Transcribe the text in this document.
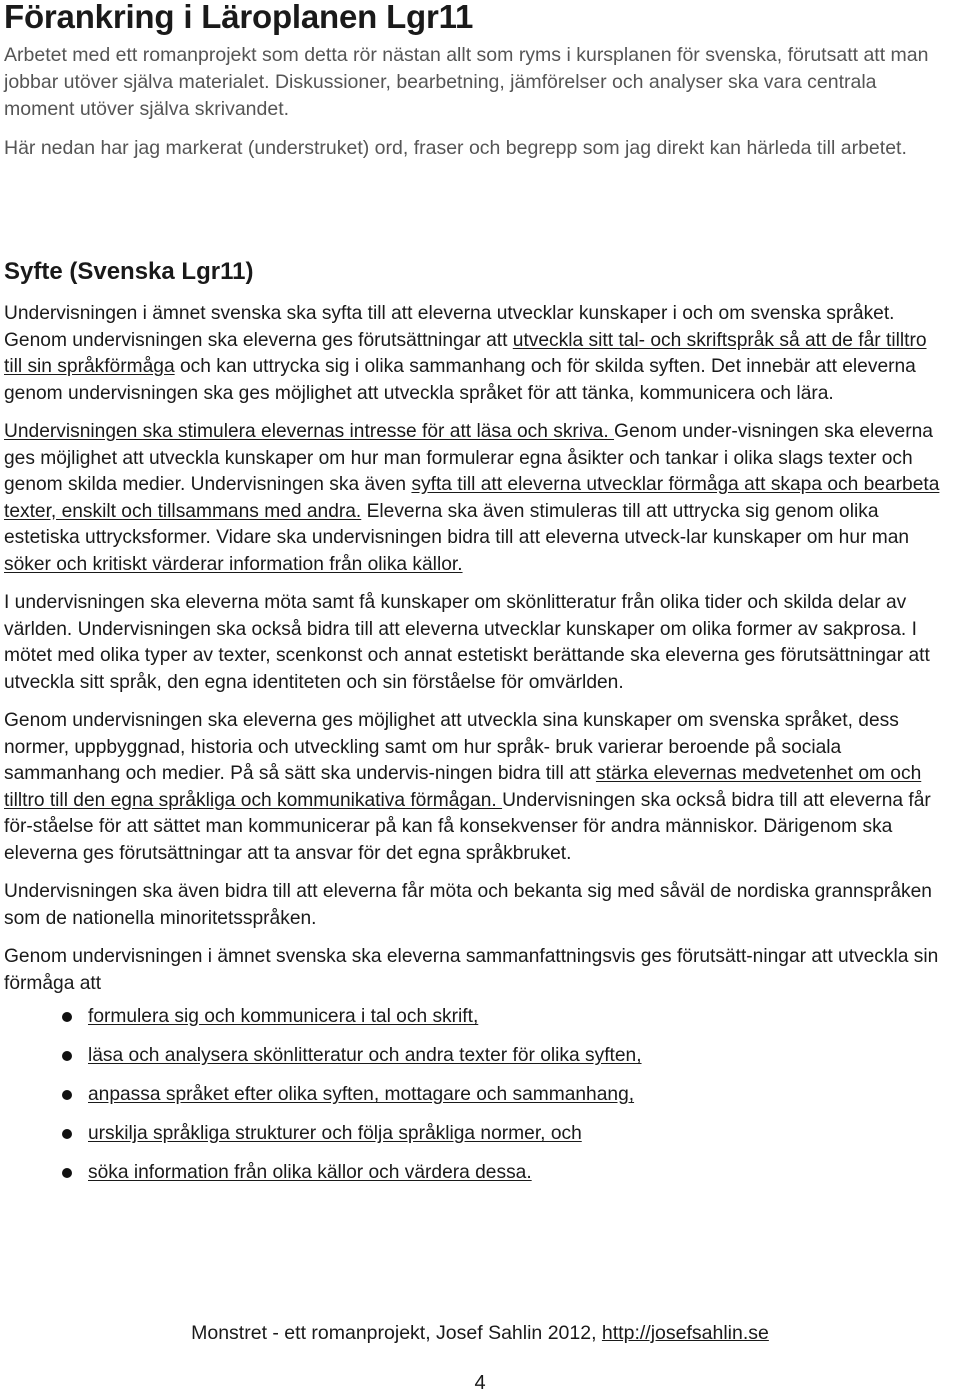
Förankring i Läroplanen Lgr11

Arbetet med ett romanprojekt som detta rör nästan allt som ryms i kursplanen för svenska, förutsatt att man jobbar utöver själva materialet. Diskussioner, bearbetning, jämförelser och analyser ska vara centrala moment utöver själva skrivandet.

Här nedan har jag markerat (understruket) ord, fraser och begrepp som jag direkt kan härleda till arbetet.

Syfte (Svenska Lgr11)

Undervisningen i ämnet svenska ska syfta till att eleverna utvecklar kunskaper i och om svenska språket. Genom undervisningen ska eleverna ges förutsättningar att utveckla sitt tal- och skriftspråk så att de får tilltro till sin språkförmåga och kan uttrycka sig i olika sammanhang och för skilda syften. Det innebär att eleverna genom undervisningen ska ges möjlighet att utveckla språket för att tänka, kommunicera och lära.

Undervisningen ska stimulera elevernas intresse för att läsa och skriva. Genom under-visningen ska eleverna ges möjlighet att utveckla kunskaper om hur man formulerar egna åsikter och tankar i olika slags texter och genom skilda medier. Undervisningen ska även syfta till att eleverna utvecklar förmåga att skapa och bearbeta texter, enskilt och tillsammans med andra. Eleverna ska även stimuleras till att uttrycka sig genom olika estetiska uttrycksformer. Vidare ska undervisningen bidra till att eleverna utveck-lar kunskaper om hur man söker och kritiskt värderar information från olika källor.

I undervisningen ska eleverna möta samt få kunskaper om skönlitteratur från olika tider och skilda delar av världen. Undervisningen ska också bidra till att eleverna utvecklar kunskaper om olika former av sakprosa. I mötet med olika typer av texter, scenkonst och annat estetiskt berättande ska eleverna ges förutsättningar att utveckla sitt språk, den egna identiteten och sin förståelse för omvärlden.

Genom undervisningen ska eleverna ges möjlighet att utveckla sina kunskaper om svenska språket, dess normer, uppbyggnad, historia och utveckling samt om hur språk- bruk varierar beroende på sociala sammanhang och medier. På så sätt ska undervis-ningen bidra till att stärka elevernas medvetenhet om och tilltro till den egna språkliga och kommunikativa förmågan. Undervisningen ska också bidra till att eleverna får för-ståelse för att sättet man kommunicerar på kan få konsekvenser för andra människor. Därigenom ska eleverna ges förutsättningar att ta ansvar för det egna språkbruket.

Undervisningen ska även bidra till att eleverna får möta och bekanta sig med såväl de nordiska grannspråken som de nationella minoritetsspråken.

Genom undervisningen i ämnet svenska ska eleverna sammanfattningsvis ges förutsätt-ningar att utveckla sin förmåga att

formulera sig och kommunicera i tal och skrift,
läsa och analysera skönlitteratur och andra texter för olika syften,
anpassa språket efter olika syften, mottagare och sammanhang,
urskilja språkliga strukturer och följa språkliga normer, och
söka information från olika källor och värdera dessa.
Monstret - ett romanprojekt, Josef Sahlin 2012, http://josefsahlin.se
4
